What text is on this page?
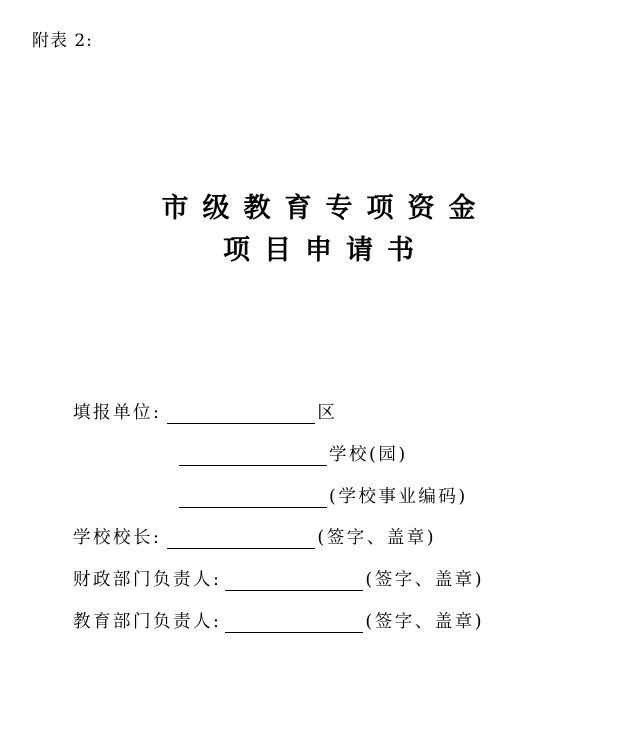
附表 2:
市级教育专项资金
项目申请书
填报单位:	区
学校(园)
(学校事业编码)
学校校长:	(签字、盖章)
财政部门负责人:	(签字、盖章)
教育部门负责人:	(签字、盖章)
